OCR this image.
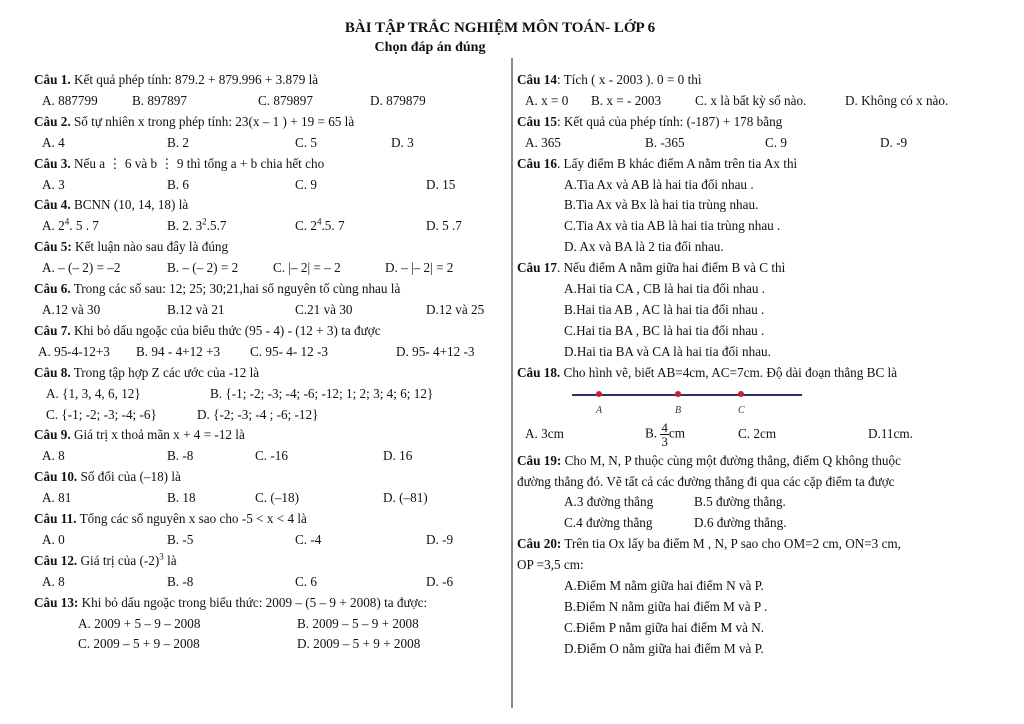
BÀI TẬP TRẮC NGHIỆM MÔN TOÁN- LỚP 6
Chọn đáp án đúng
Câu 1. Kết quả phép tính: 879.2 + 879.996 + 3.879 là
A. 887799	B. 897897	C. 879897	D. 879879
Câu 2. Số tự nhiên x trong phép tính: 23(x – 1 ) + 19 = 65 là
A. 4	B. 2	C. 5	D. 3
Câu 3. Nếu a ⋮ 6 và b ⋮ 9 thì tổng a + b chia hết cho
A. 3	B. 6	C. 9	D. 15
Câu 4. BCNN (10, 14, 18) là
A. $2^4$. 5 . 7	B. 2. $3^2.5.7$	C. $2^4.5$. 7	D. 5 .7
Câu 5: Kết luận nào sau đây là đúng
A. – (– 2) = –2	B. – (– 2) = 2	C. |– 2| = – 2	D. – |– 2| = 2
Câu 6. Trong các số sau: 12; 25; 30;21,hai số nguyên tố cùng nhau là
A.12 và 30	B.12 và 21	C.21 và 30	D.12 và 25
Câu 7. Khi bỏ dấu ngoặc của biểu thức (95 - 4) - (12 + 3) ta được
A. 95-4-12+3	B. 94 - 4+12 +3	C. 95- 4- 12 -3	D. 95- 4+12 -3
Câu 8. Trong tập hợp Z các ước của -12 là
A. {1, 3, 4, 6, 12}	B. {-1; -2; -3; -4; -6; -12; 1; 2; 3; 4; 6; 12}
C. {-1; -2; -3; -4; -6}	D. {-2; -3; -4 ; -6; -12}
Câu 9. Giá trị x thoả mãn x + 4 = -12 là
A. 8	B. -8	C. -16	D. 16
Câu 10. Số đối của (–18) là
A. 81	B. 18	C. (–18)	D. (–81)
Câu 11. Tổng các số nguyên x sao cho -5 < x < 4 là
A. 0	B. -5	C. -4	D. -9
Câu 12. Giá trị của $(-2)^3$ là
A. 8	B. -8	C. 6	D. -6
Câu 13: Khi bỏ dấu ngoặc trong biểu thức: 2009 – (5 – 9 + 2008) ta được:
A. 2009 + 5 – 9 – 2008	B. 2009 – 5 – 9 + 2008
C. 2009 – 5 + 9 – 2008	D. 2009 – 5 + 9 + 2008
Câu 14: Tích ( x - 2003 ). 0 = 0 thì
A. x = 0	B. x = - 2003	C. x là bất kỳ số nào.	D. Không có x nào.
Câu 15: Kết quả của phép tính: (-187) + 178 bằng
A. 365	B. -365	C. 9	D. -9
Câu 16. Lấy điểm B khác điểm A nằm trên tia Ax thì
A.Tia Ax và AB là hai tia đối nhau .
B.Tia Ax và Bx là hai tia trùng nhau.
C.Tia Ax và tia AB là hai tia trùng nhau .
D. Ax và BA là 2 tia đối nhau.
Câu 17. Nếu điểm A nằm giữa hai điểm B và C thì
A.Hai tia CA , CB là hai tia đối nhau .
B.Hai tia AB , AC là hai tia đối nhau .
C.Hai tia BA , BC là hai tia đối nhau .
D.Hai tia BA và CA là hai tia đối nhau.
Câu 18. Cho hình vẽ, biết AB=4cm, AC=7cm. Độ dài đoạn thẳng BC là
A	B	C
A. 3cm	B. $\frac{4}{3}$ cm	C. 2cm	D.11cm.
Câu 19: Cho M, N, P thuộc cùng một đường thẳng, điểm Q không thuộc
đường thẳng đó. Vẽ tất cả các đường thẳng đi qua các cặp điểm ta được
A.3 đường thẳng	B.5 đường thẳng.
C.4 đường thẳng	D.6 đường thẳng.
Câu 20: Trên tia Ox lấy ba điểm M , N, P sao cho OM=2 cm, ON=3 cm,
OP =3,5 cm:
A.Điểm M nằm giữa hai điểm N và P.
B.Điểm N nằm giữa hai điểm M và P .
C.Điểm P nằm giữa hai điểm M và N.
D.Điểm O nằm giữa hai điểm M và P.
